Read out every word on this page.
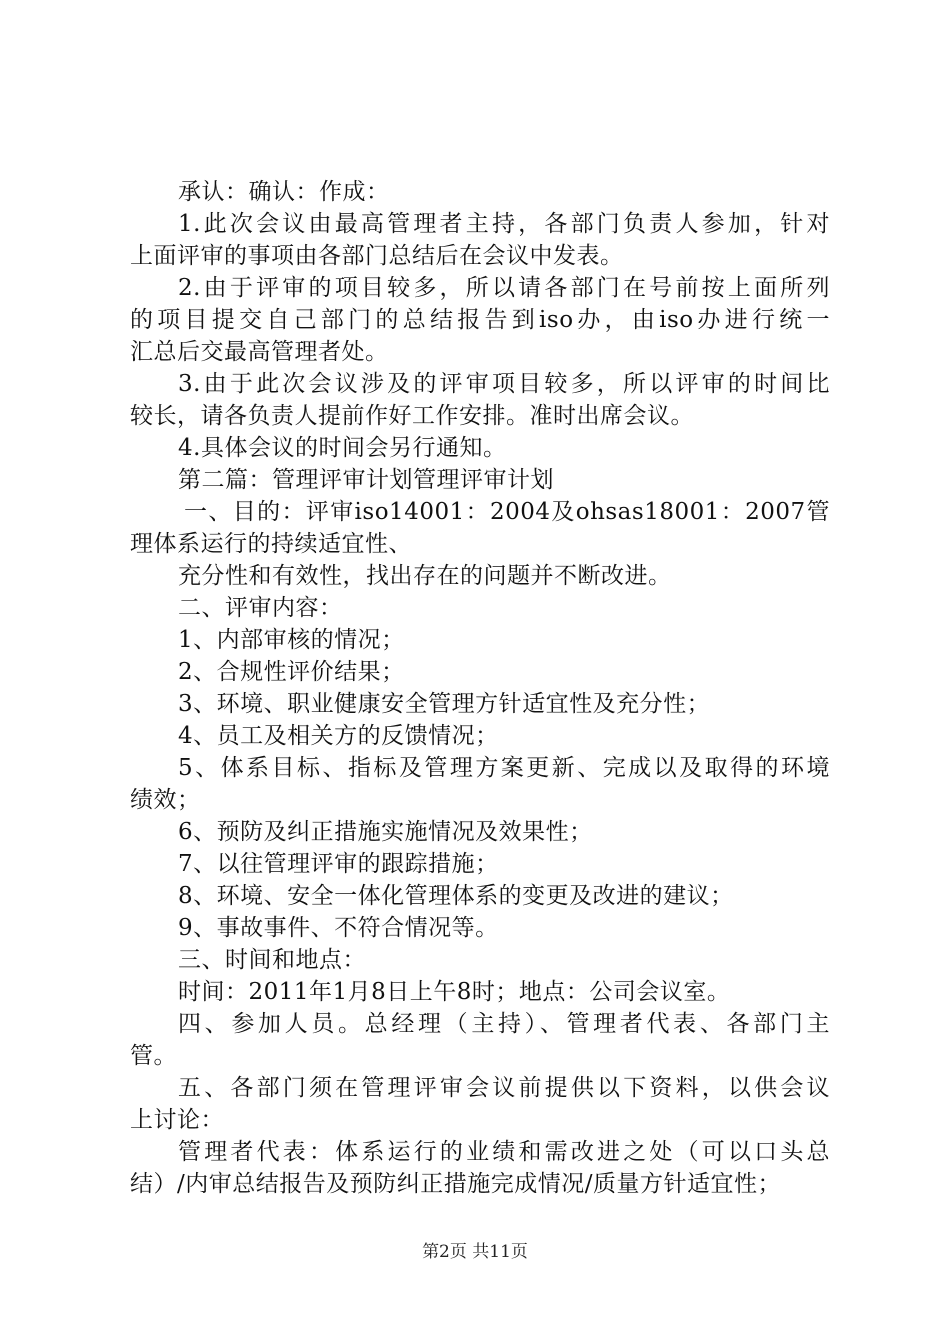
承认：确认：作成：
1.此次会议由最高管理者主持，各部门负责人参加，针对
上面评审的事项由各部门总结后在会议中发表。
2.由于评审的项目较多，所以请各部门在号前按上面所列
的项目提交自己部门的总结报告到iso办，由iso办进行统一
汇总后交最高管理者处。
3.由于此次会议涉及的评审项目较多，所以评审的时间比
较长，请各负责人提前作好工作安排。准时出席会议。
4.具体会议的时间会另行通知。
第二篇：管理评审计划管理评审计划
一、目的：评审iso14001：2004及ohsas18001：2007管
理体系运行的持续适宜性、
充分性和有效性，找出存在的问题并不断改进。
二、评审内容：
1、内部审核的情况；
2、合规性评价结果；
3、环境、职业健康安全管理方针适宜性及充分性；
4、员工及相关方的反馈情况；
5、体系目标、指标及管理方案更新、完成以及取得的环境
绩效；
6、预防及纠正措施实施情况及效果性；
7、以往管理评审的跟踪措施；
8、环境、安全一体化管理体系的变更及改进的建议；
9、事故事件、不符合情况等。
三、时间和地点：
时间：2011年1月8日上午8时；地点：公司会议室。
四、参加人员。总经理（主持）、管理者代表、各部门主
管。
五、各部门须在管理评审会议前提供以下资料，以供会议
上讨论：
管理者代表：体系运行的业绩和需改进之处（可以口头总
结）/内审总结报告及预防纠正措施完成情况/质量方针适宜性；
第2页 共11页
